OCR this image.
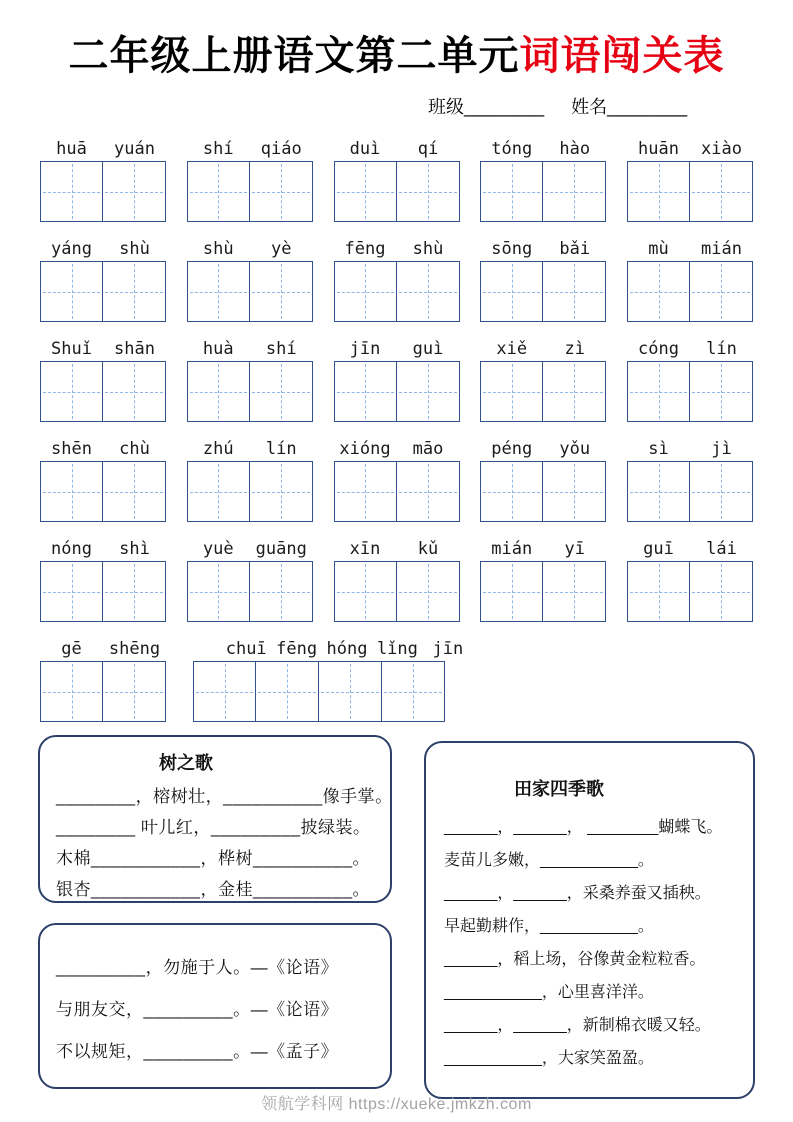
二年级上册语文第二单元词语闯关表
班级________ 姓名________
huā	yuán	shí	qiáo	duì	qí	tóng	hào	huān	xiào
yáng	shù	shù	yè	fēng	shù	sōng	bǎi	mù	mián
Shuǐ	shān	huà	shí	jīn	guì	xiě	zì	cóng	lín
shēn	chù	zhú	lín	xióng	māo	péng	yǒu	sì	jì
nóng	shì	yuè	guāng	xīn	kǔ	mián	yī	guī	lái
gē	shēng	chuī fēng hóng lǐng jīn
树之歌
________，榕树壮，__________像手掌。
________ 叶儿红，_________披绿装。
木棉___________，桦树__________。
银杏___________，金桂__________。
_________，勿施于人。—《论语》
与朋友交，_________。—《论语》
不以规矩，_________。—《孟子》
田家四季歌
______，______， ________蝴蝶飞。
麦苗儿多嫩，___________。
______，______，采桑养蚕又插秧。
早起勤耕作，___________。
______，稻上场，谷像黄金粒粒香。
___________，心里喜洋洋。
______，______，新制棉衣暖又轻。
___________，大家笑盈盈。
领航学科网 https://xueke.jmkzh.com
